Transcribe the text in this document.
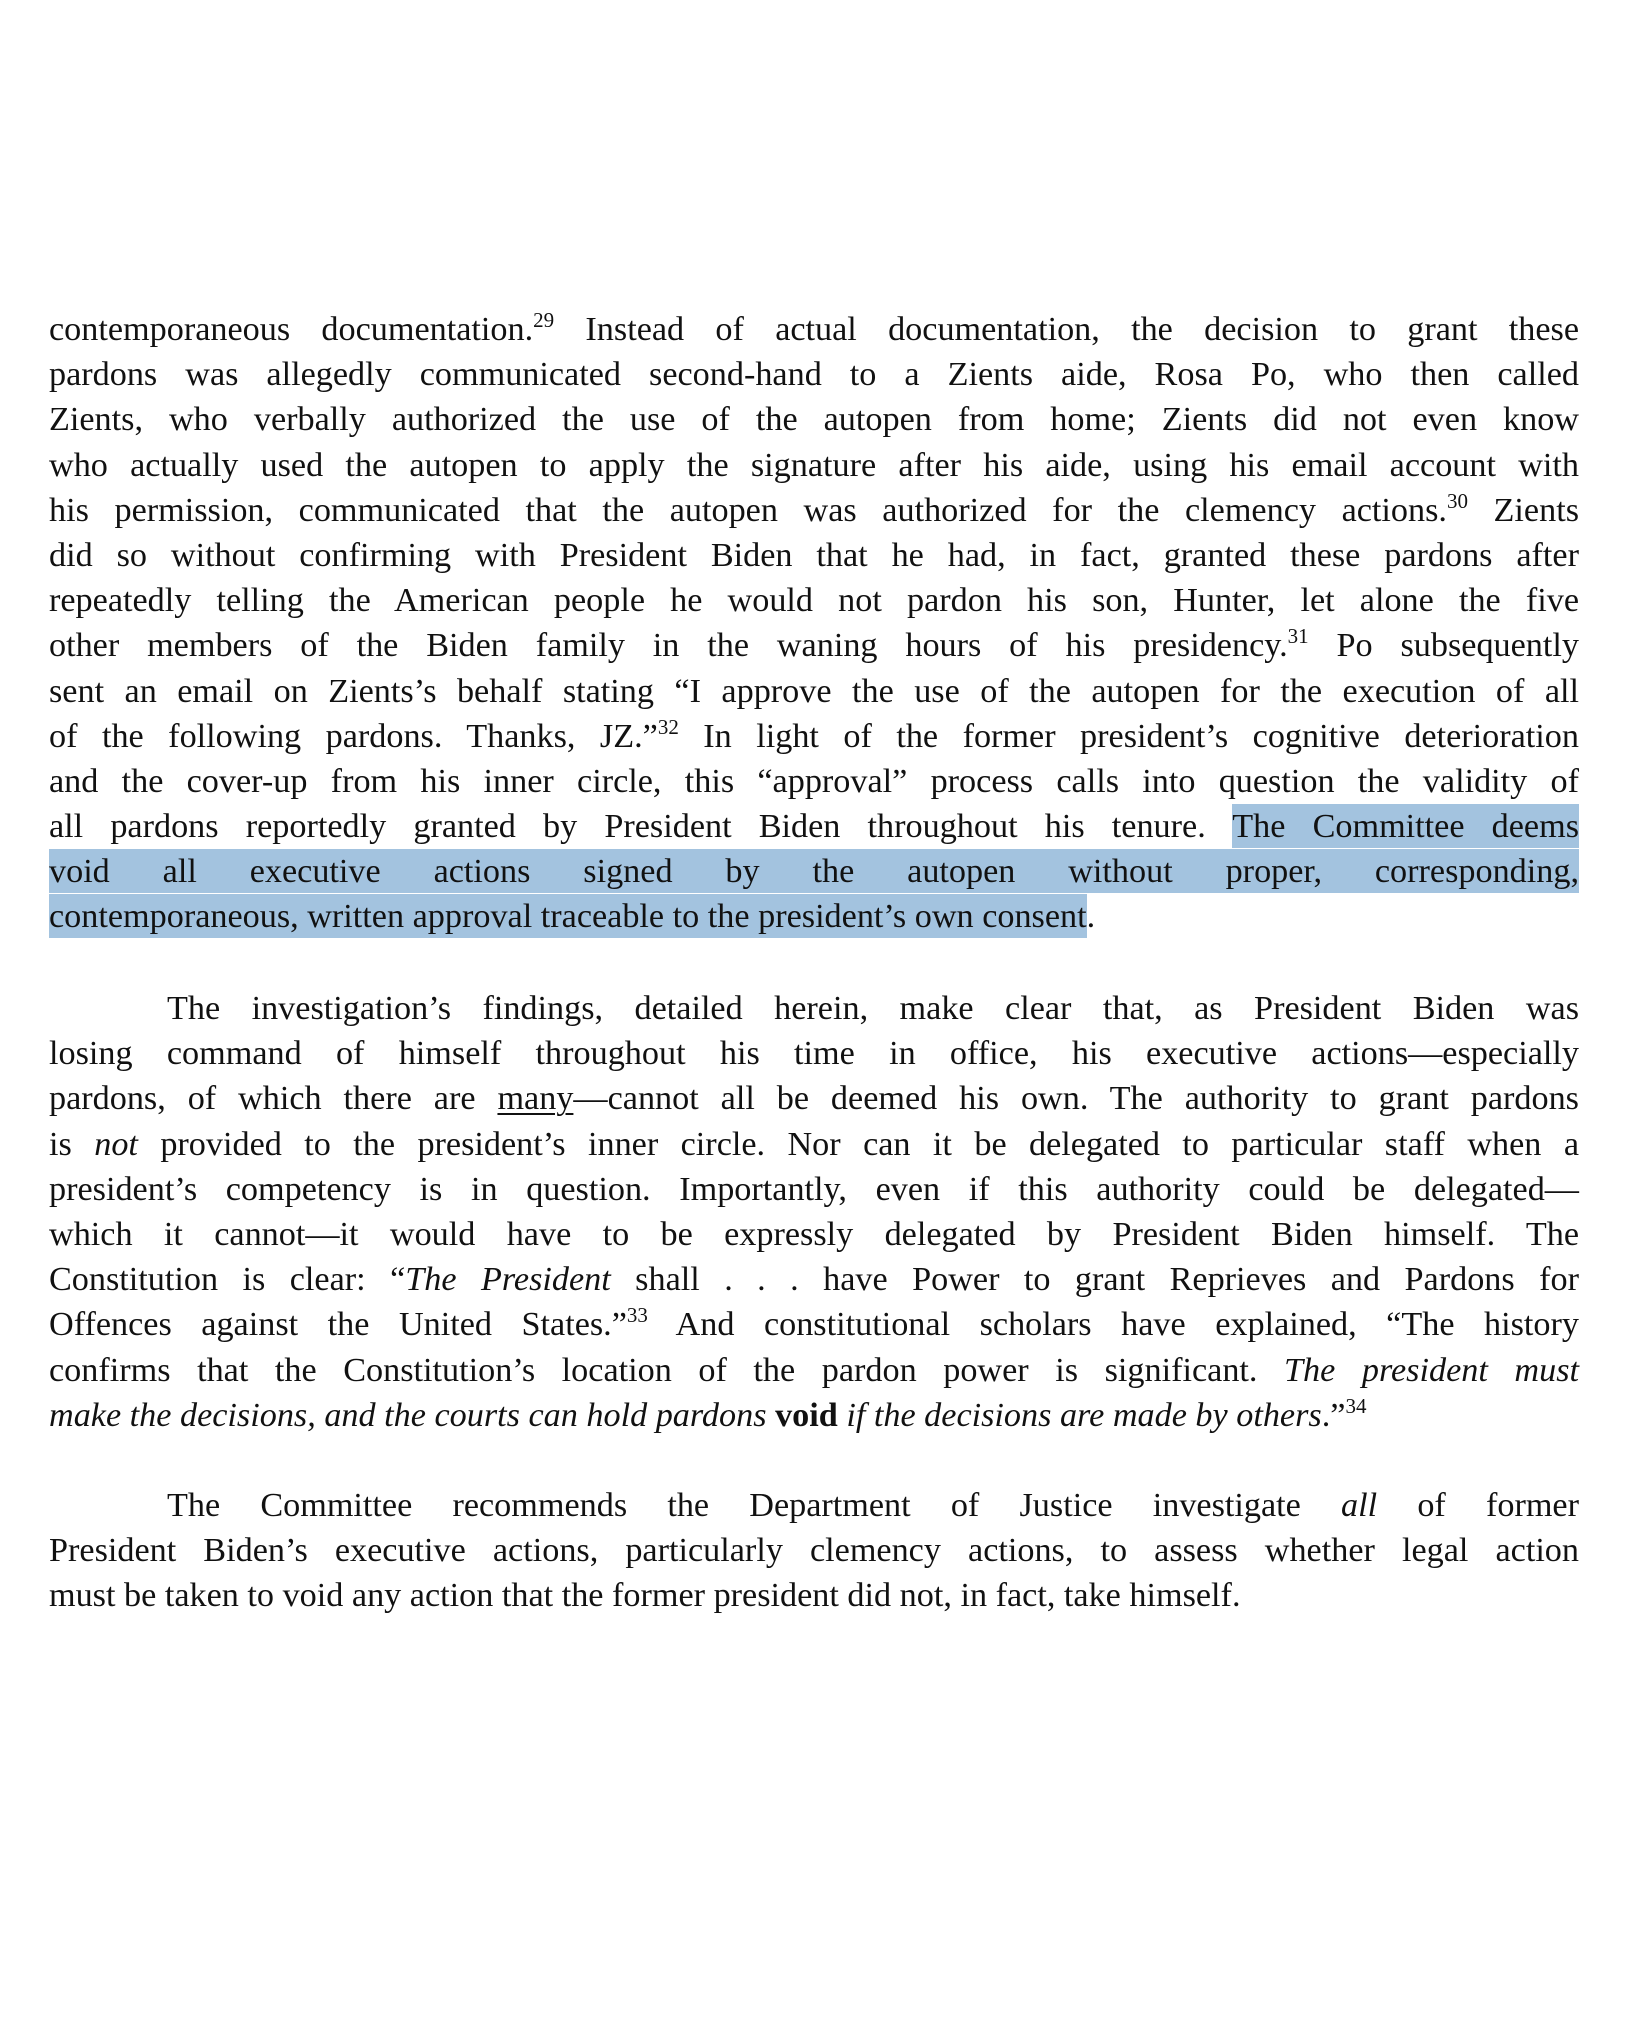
contemporaneous documentation.$^{29}$ Instead of actual documentation, the decision to grant these
pardons was allegedly communicated second-hand to a Zients aide, Rosa Po, who then called
Zients, who verbally authorized the use of the autopen from home; Zients did not even know
who actually used the autopen to apply the signature after his aide, using his email account with
his permission, communicated that the autopen was authorized for the clemency actions.$^{30}$ Zients
did so without confirming with President Biden that he had, in fact, granted these pardons after
repeatedly telling the American people he would not pardon his son, Hunter, let alone the five
other members of the Biden family in the waning hours of his presidency.$^{31}$ Po subsequently
sent an email on Zients’s behalf stating “I approve the use of the autopen for the execution of all
of the following pardons. Thanks, JZ.”$^{32}$ In light of the former president’s cognitive deterioration
and the cover-up from his inner circle, this “approval” process calls into question the validity of
all pardons reportedly granted by President Biden throughout his tenure. The Committee deems
void all executive actions signed by the autopen without proper, corresponding,
contemporaneous, written approval traceable to the president’s own consent.
The investigation’s findings, detailed herein, make clear that, as President Biden was
losing command of himself throughout his time in office, his executive actions—especially
pardons, of which there are many—cannot all be deemed his own. The authority to grant pardons
is not provided to the president’s inner circle. Nor can it be delegated to particular staff when a
president’s competency is in question. Importantly, even if this authority could be delegated—
which it cannot—it would have to be expressly delegated by President Biden himself. The
Constitution is clear: “The President shall . . . have Power to grant Reprieves and Pardons for
Offences against the United States.”$^{33}$ And constitutional scholars have explained, “The history
confirms that the Constitution’s location of the pardon power is significant. The president must
make the decisions, and the courts can hold pardons void if the decisions are made by others.”$^{34}$
The Committee recommends the Department of Justice investigate all of former
President Biden’s executive actions, particularly clemency actions, to assess whether legal action
must be taken to void any action that the former president did not, in fact, take himself.
